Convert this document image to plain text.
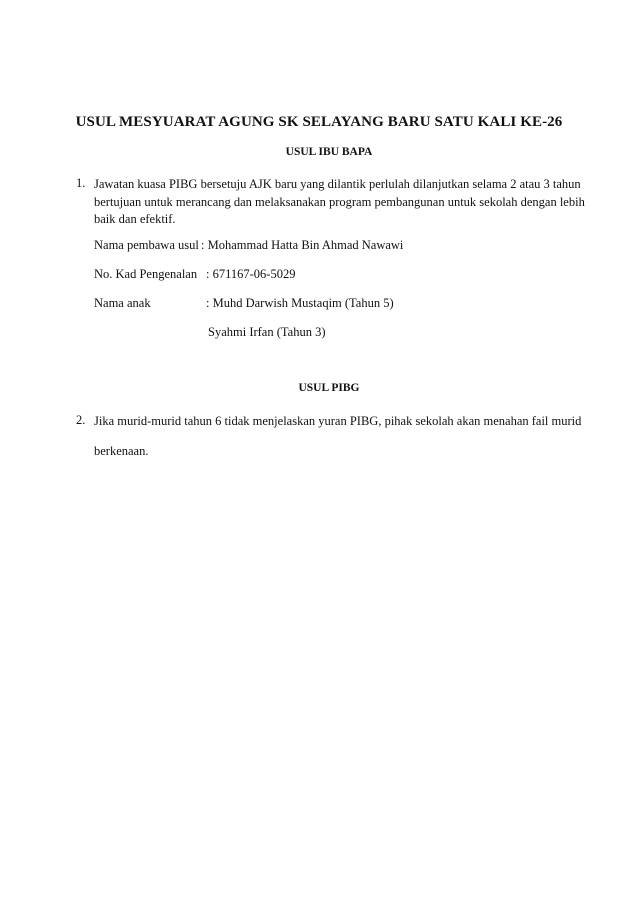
USUL MESYUARAT AGUNG SK SELAYANG BARU SATU KALI KE-26
USUL IBU BAPA
1. Jawatan kuasa PIBG bersetuju AJK baru yang dilantik perlulah dilanjutkan selama 2 atau 3 tahun bertujuan untuk merancang dan melaksanakan program pembangunan untuk sekolah dengan lebih baik dan efektif.
Nama pembawa usul : Mohammad Hatta Bin Ahmad Nawawi
No. Kad Pengenalan : 671167-06-5029
Nama anak	: Muhd Darwish Mustaqim (Tahun 5)
Syahmi Irfan (Tahun 3)
USUL PIBG
2. Jika murid-murid tahun 6 tidak menjelaskan yuran PIBG, pihak sekolah akan menahan fail murid
berkenaan.
